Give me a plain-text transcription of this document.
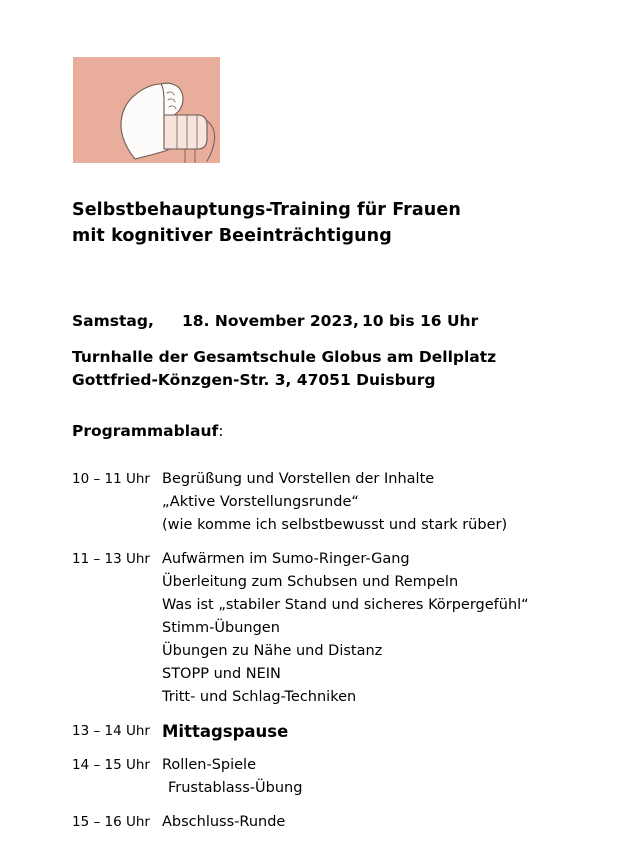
Selbstbehauptungs-Training für Frauen
mit kognitiver Beeinträchtigung
Samstag,	18. November 2023, 10 bis 16 Uhr
Turnhalle der Gesamtschule Globus am Dellplatz
Gottfried-Könzgen-Str. 3, 47051 Duisburg
Programmablauf:
10 – 11 Uhr Begrüßung und Vorstellen der Inhalte
„Aktive Vorstellungsrunde“
(wie komme ich selbstbewusst und stark rüber)
11 – 13 Uhr Aufwärmen im Sumo-Ringer-Gang
Überleitung zum Schubsen und Rempeln
Was ist „stabiler Stand und sicheres Körpergefühl“
Stimm-Übungen
Übungen zu Nähe und Distanz
STOPP und NEIN
Tritt- und Schlag-Techniken
13 – 14 Uhr Mittagspause
14 – 15 Uhr Rollen-Spiele
Frustablass-Übung
15 – 16 Uhr Abschluss-Runde
